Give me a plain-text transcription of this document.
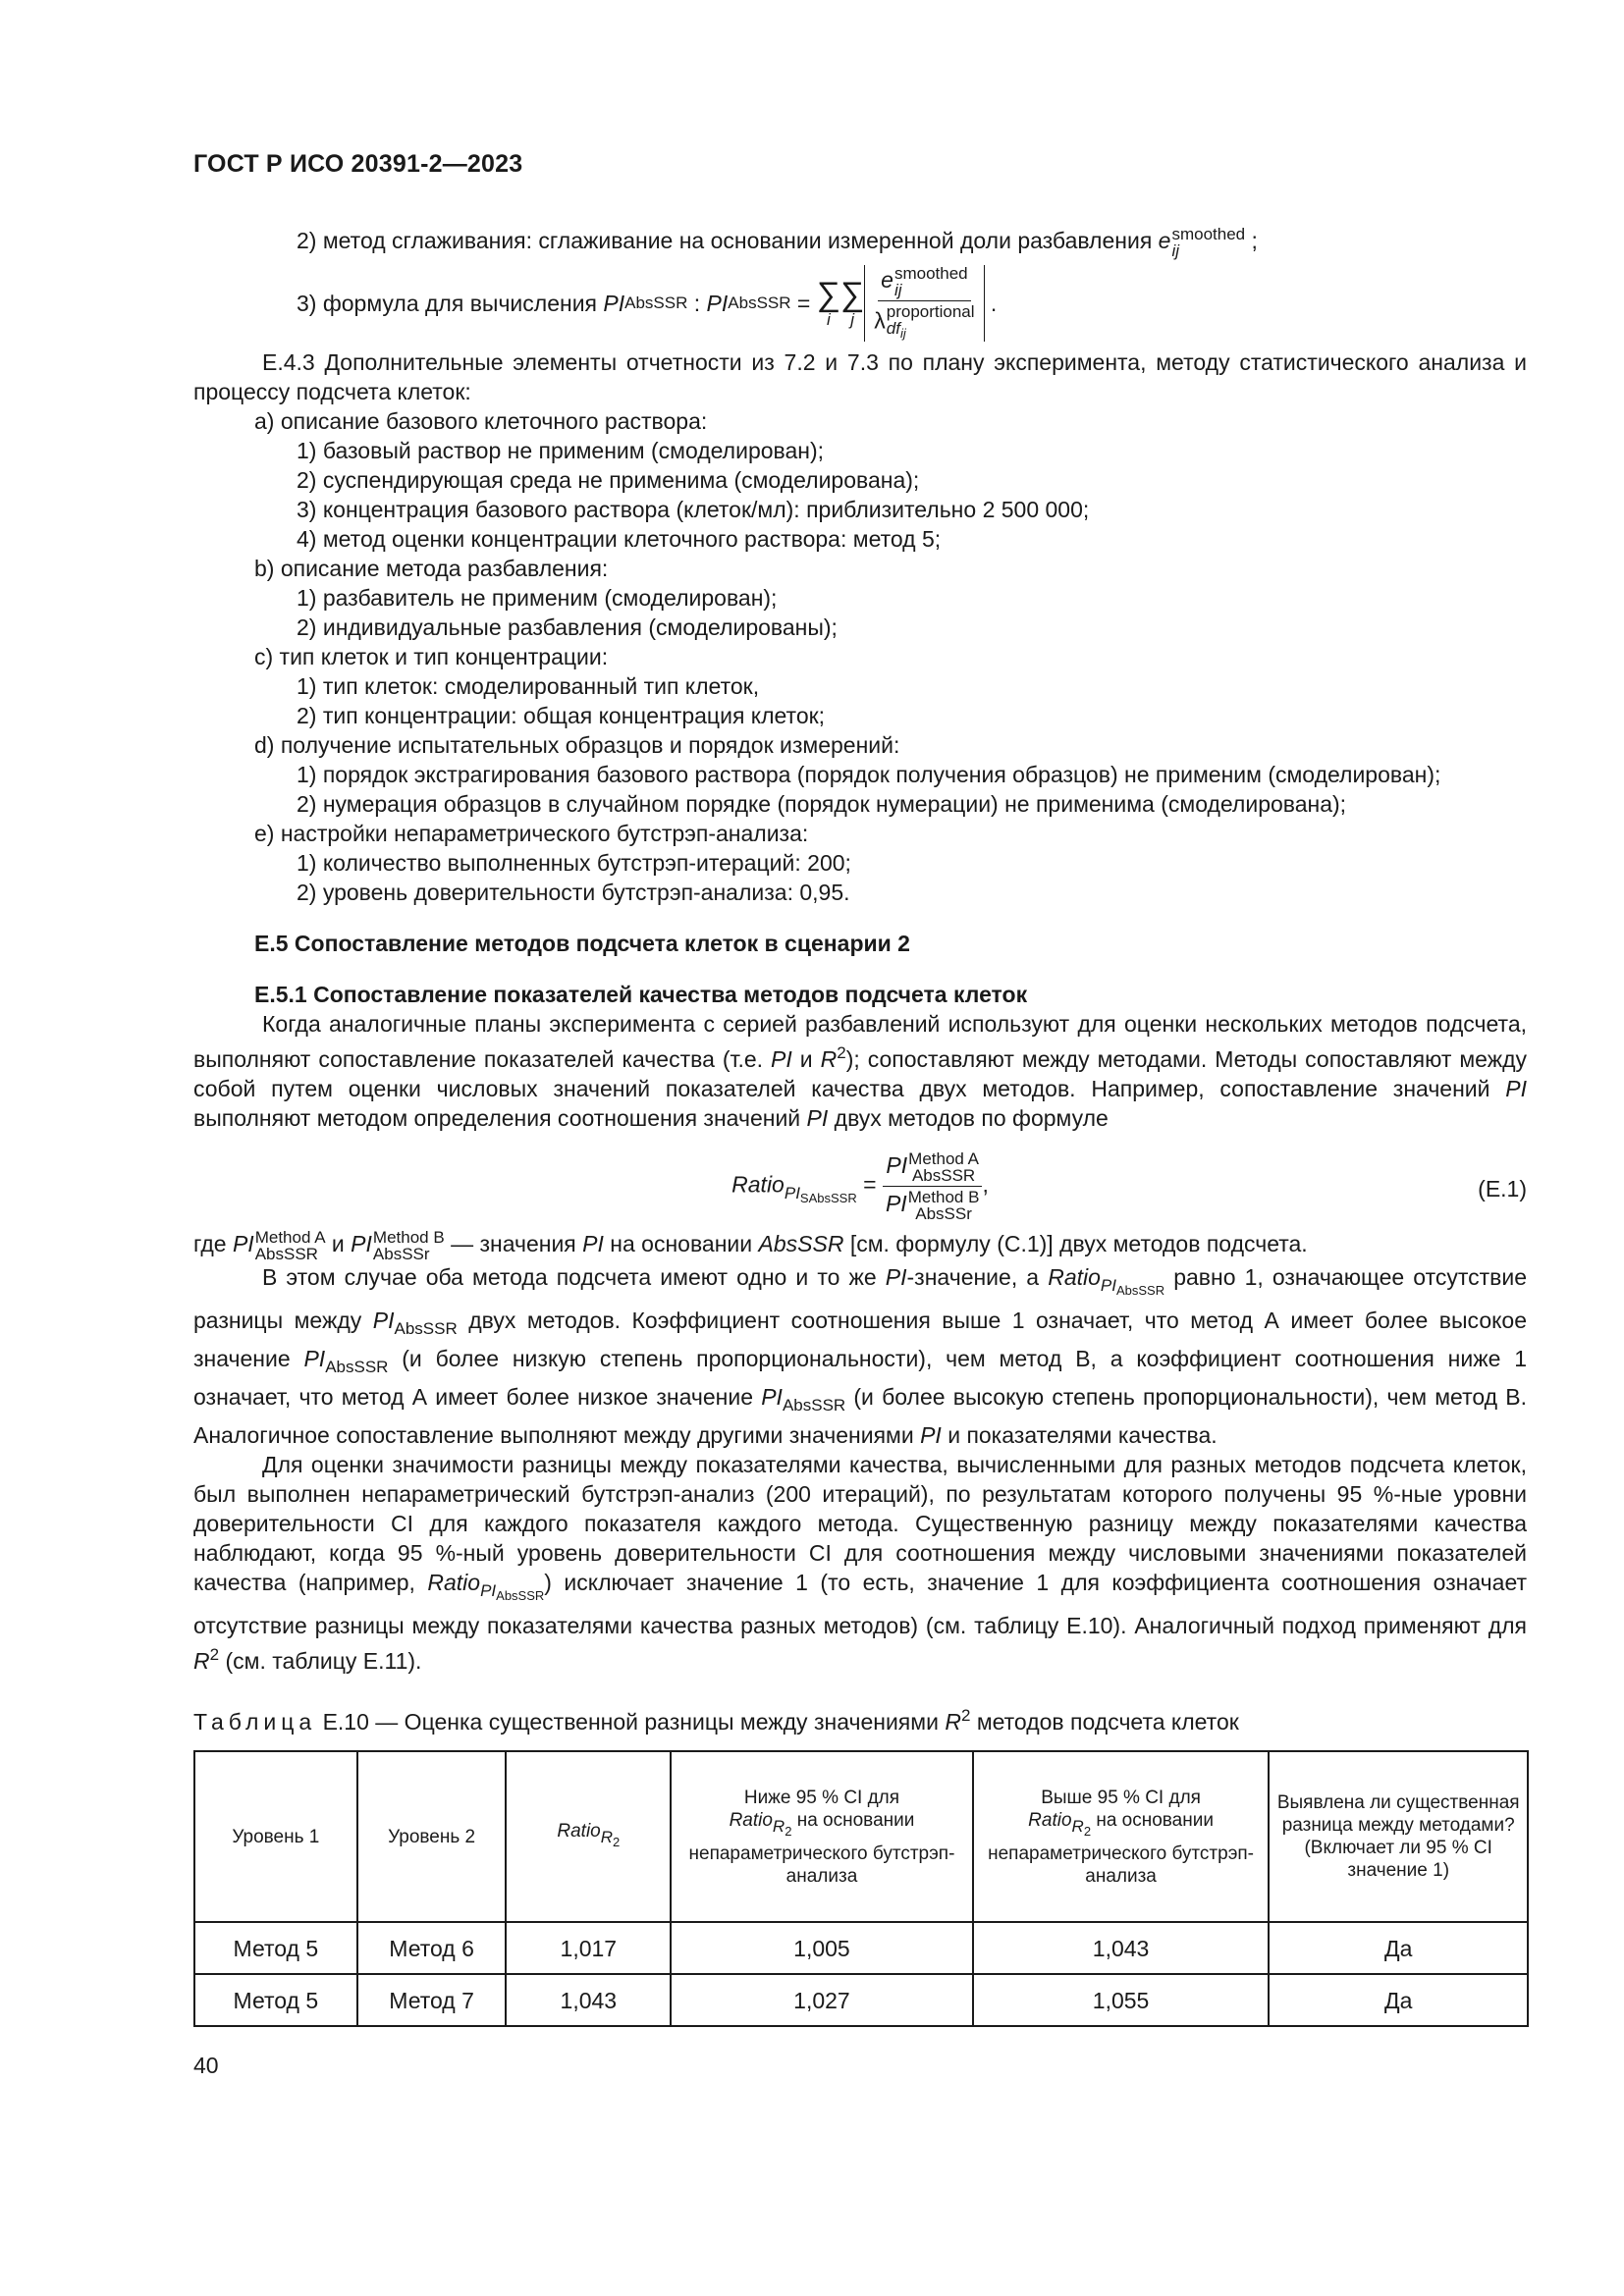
ГОСТ Р ИСО 20391-2—2023

2) метод сглаживания: сглаживание на основании измеренной доли разбавления e smoothed
ij	;

3) формула для вычисления
PI AbsSSR : PI AbsSSR = ∑
i
∑
j e smoothed
ij
λ proportional
$df_{ij}$ .

Е.4.3 Дополнительные элементы отчетности из 7.2 и 7.3 по плану эксперимента, методу статистического анализа и процессу подсчета клеток:

a) описание базового клеточного раствора:

1) базовый раствор не применим (смоделирован);

2) суспендирующая среда не применима (смоделирована);

3) концентрация базового раствора (клеток/мл): приблизительно 2 500 000;

4) метод оценки концентрации клеточного раствора: метод 5;

b) описание метода разбавления:

1) разбавитель не применим (смоделирован);

2) индивидуальные разбавления (смоделированы);

c) тип клеток и тип концентрации:

1) тип клеток: смоделированный тип клеток,

2) тип концентрации: общая концентрация клеток;

d) получение испытательных образцов и порядок измерений:

1) порядок экстрагирования базового раствора (порядок получения образцов) не применим (смоделирован);

2) нумерация образцов в случайном порядке (порядок нумерации) не применима (смоделирована);

e) настройки непараметрического бутстрэп-анализа:

1) количество выполненных бутстрэп-итераций: 200;

2) уровень доверительности бутстрэп-анализа: 0,95.

Е.5 Сопоставление методов подсчета клеток в сценарии 2

Е.5.1 Сопоставление показателей качества методов подсчета клеток

Когда аналогичные планы эксперимента с серией разбавлений используют для оценки нескольких методов подсчета, выполняют сопоставление показателей качества (т.е. PI и $R^2$); сопоставляют между методами. Методы сопоставляют между собой путем оценки числовых значений показателей качества двух методов. Например, сопоставление значений PI выполняют методом определения соотношения значений PI двух методов по формуле

Ratio$_{PI_{SAbsSSR}}$ = PI Method A
AbsSSR
PI Method B
AbsSSr ,	(Е.1)

где PI Method A
AbsSSR и PI Method B
AbsSSr — значения PI на основании AbsSSR [см. формулу (С.1)] двух методов подсчета.

В этом случае оба метода подсчета имеют одно и то же PI-значение, а Ratio$_{PI_{AbsSSR}}$ равно 1, означающее отсутствие разницы между $PI_{AbsSSR}$ двух методов. Коэффициент соотношения выше 1 означает, что метод А имеет более высокое значение $PI_{AbsSSR}$ (и более низкую степень пропорциональности), чем метод В, а коэффициент соотношения ниже 1 означает, что метод А имеет более низкое значение $PI_{AbsSSR}$ (и более высокую степень пропорциональности), чем метод В. Аналогичное сопоставление выполняют между другими значениями PI и показателями качества.

Для оценки значимости разницы между показателями качества, вычисленными для разных методов подсчета клеток, был выполнен непараметрический бутстрэп-анализ (200 итераций), по результатам которого получены 95 %-ные уровни доверительности CI для каждого показателя каждого метода. Существенную разницу между показателями качества наблюдают, когда 95 %-ный уровень доверительности CI для соотношения между числовыми значениями показателей качества (например, Ratio$_{PI_{AbsSSR}}$) исключает значение 1 (то есть, значение 1 для коэффициента соотношения означает отсутствие разницы между показателями качества разных методов) (см. таблицу Е.10). Аналогичный подход применяют для $R^2$ (см. таблицу Е.11).

Таблица Е.10 — Оценка существенной разницы между значениями $R^2$ методов подсчета клеток

Уровень 1	Уровень 2	RatioR$_2$	Ниже 95 % CI для
RatioR$_2$ на основании непараметрического бутстрэп-анализа	Выше 95 % CI для
RatioR$_2$ на основании непараметрического бутстрэп-анализа	Выявлена ли существенная разница между методами? (Включает ли 95 % CI значение 1)
Метод 5	Метод 6	1,017	1,005	1,043	Да
Метод 5	Метод 7	1,043	1,027	1,055	Да
40
